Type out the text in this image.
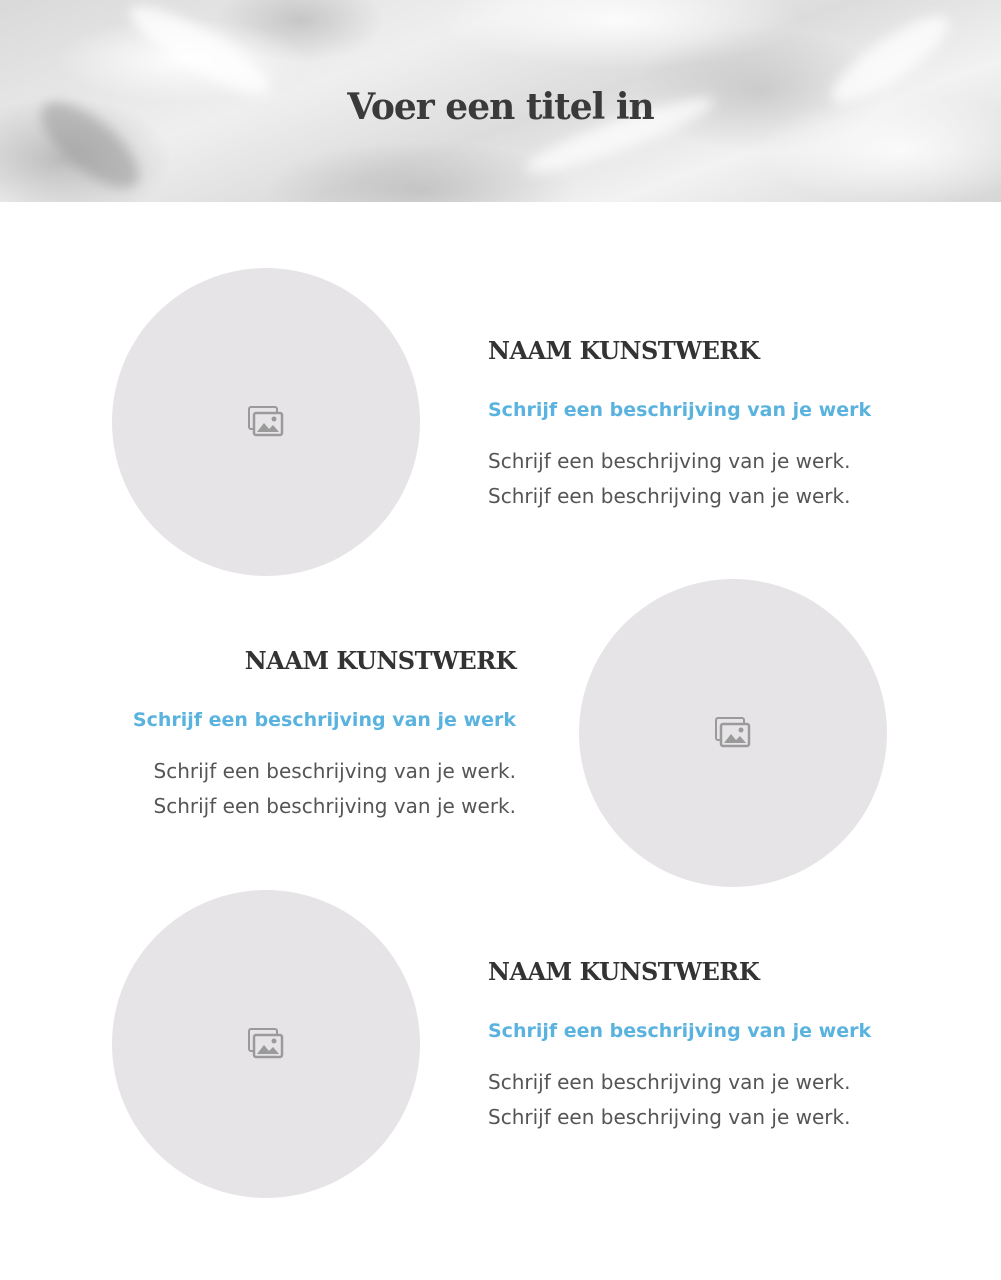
Voer een titel in
NAAM KUNSTWERK

Schrijf een beschrijving van je werk

Schrijf een beschrijving van je werk.
Schrijf een beschrijving van je werk.

NAAM KUNSTWERK

Schrijf een beschrijving van je werk

Schrijf een beschrijving van je werk.
Schrijf een beschrijving van je werk.

NAAM KUNSTWERK

Schrijf een beschrijving van je werk

Schrijf een beschrijving van je werk.
Schrijf een beschrijving van je werk.
